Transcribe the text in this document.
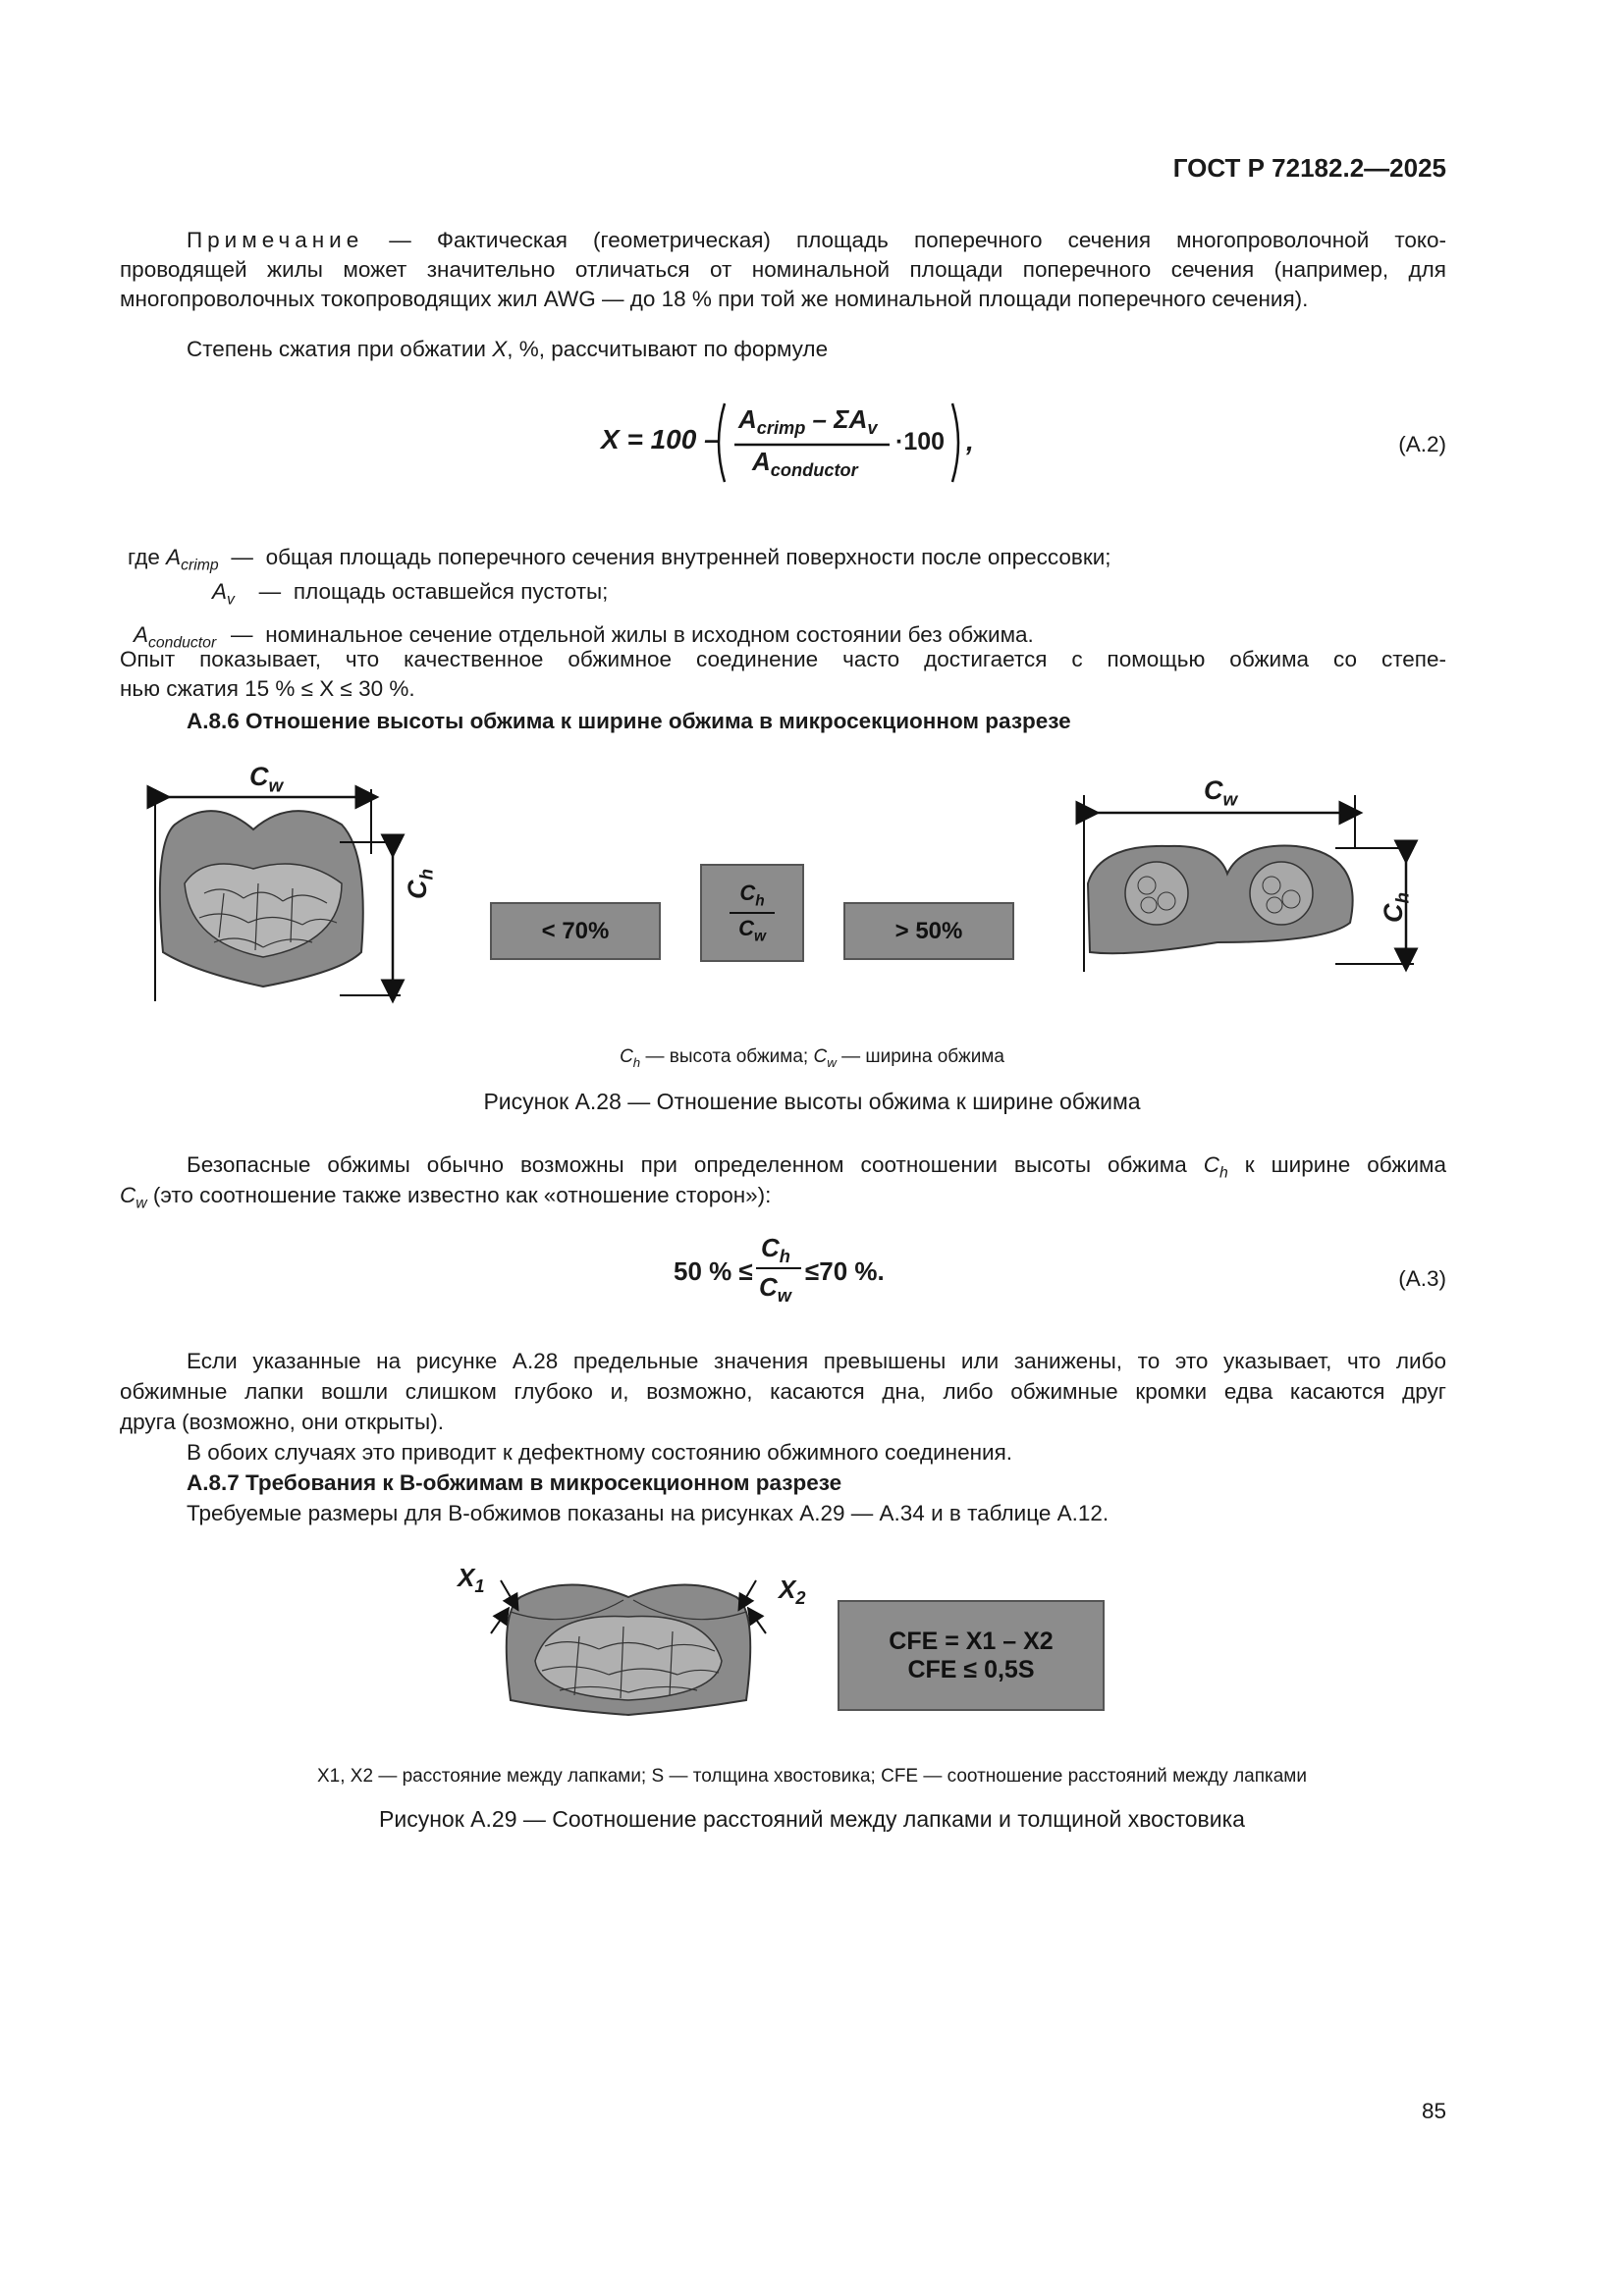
ГОСТ Р 72182.2—2025
Примечание — Фактическая (геометрическая) площадь поперечного сечения многопроволочной токо-
проводящей жилы может значительно отличаться от номинальной площади поперечного сечения (например, для
многопроволочных токопроводящих жил AWG — до 18 % при той же номинальной площади поперечного сечения).
Степень сжатия при обжатии X, %, рассчитывают по формуле
X = 100 –
$A_{crimp} - \Sigma A_v$
$A_{conductor}$
·100 ,	(A.2)
где $A_{crimp}$ — общая площадь поперечного сечения внутренней поверхности после опрессовки;
$A_v$ — площадь оставшейся пустоты;
$A_{conductor}$ — номинальное сечение отдельной жилы в исходном состоянии без обжима.
Опыт показывает, что качественное обжимное соединение часто достигается с помощью обжима со степе-
нью сжатия 15 % ≤ X ≤ 30 %.
А.8.6 Отношение высоты обжима к ширине обжима в микросекционном разрезе
$C_w$
$C_h$
< 70%
$C_h$
$C_w$	> 50%
$C_w$
$C_h$
$C_h$ — высота обжима; $C_w$ — ширина обжима
Рисунок А.28 — Отношение высоты обжима к ширине обжима
Безопасные обжимы обычно возможны при определенном соотношении высоты обжима $C_h$ к ширине обжима
$C_w$ (это соотношение также известно как «отношение сторон»):
50 % ≤
$C_h$
$C_w$
≤70 %.	(A.3)
Если указанные на рисунке А.28 предельные значения превышены или занижены, то это указывает, что либо
обжимные лапки вошли слишком глубоко и, возможно, касаются дна, либо обжимные кромки едва касаются друг
друга (возможно, они открыты).
В обоих случаях это приводит к дефектному состоянию обжимного соединения.
А.8.7 Требования к B-обжимам в микросекционном разрезе
Требуемые размеры для B-обжимов показаны на рисунках А.29 — А.34 и в таблице А.12.
$X_1$	$X_2$
CFE = X1 – X2
CFE ≤ 0,5S
X1, X2 — расстояние между лапками; S — толщина хвостовика; CFE — соотношение расстояний между лапками
Рисунок А.29 — Соотношение расстояний между лапками и толщиной хвостовика
85
